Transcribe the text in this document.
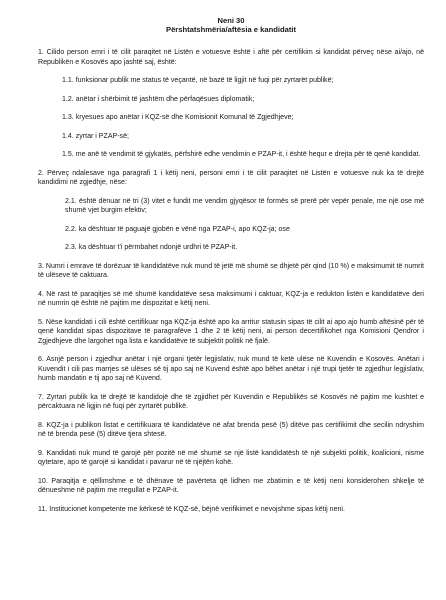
Neni 30

Përshtatshmëria/aftësia e kandidatit

1. Cilido person emri i të cilit paraqitet në Listën e votuesve është i aftë për certifikim si kandidat përveç nëse ai/ajo, në Republikën e Kosovës apo jashtë saj, është:

1.1. funksionar publik me status të veçantë, në bazë të ligjit në fuqi për zyrtarët publikë;

1.2. anëtar i shërbimit të jashtëm dhe përfaqësues diplomatik;

1.3. kryesues apo anëtar i KQZ-së dhe Komisionit Komunal të Zgjedhjeve;

1.4. zyrtar i PZAP-së;

1.5. me anë të vendimit të gjykatës, përfshirë edhe vendimin e PZAP-it, i është hequr e drejta për të qenë kandidat.

2. Përveç ndalesave nga paragrafi 1 i këtij neni, personi emri i të cilit paraqitet në Listën e votuesve nuk ka të drejtë kandidimi në zgjedhje, nëse:

2.1. është dënuar në tri (3) vitet e fundit me vendim gjyqësor të formës së prerë për vepër penale, me një ose më shumë vjet burgim efektiv;

2.2. ka dështuar të paguajë gjobën e vënë nga PZAP-i, apo KQZ-ja; ose

2.3. ka dështuar t'i përmbahet ndonjë urdhri të PZAP-it.

3. Numri i emrave të dorëzuar të kandidatëve nuk mund të jetë më shumë se dhjetë për qind (10 %) e maksimumit të numrit të ulëseve të caktuara.

4. Në rast të paraqitjes së më shumë kandidatëve sesa maksimumi i caktuar, KQZ-ja e redukton listën e kandidatëve deri në numrin që është në pajtim me dispozitat e këtij neni.

5. Nëse kandidati i cili është certifikuar nga KQZ-ja është apo ka arritur statusin sipas të cilit ai apo ajo humb aftësinë për të qenë kandidat sipas dispozitave të paragrafëve 1 dhe 2 të këtij neni, ai person decertifikohet nga Komisioni Qendror i Zgjedhjeve dhe largohet nga lista e kandidatëve të subjektit politik në fjalë.

6. Asnjë person i zgjedhur anëtar i një organi tjetër legjislativ, nuk mund të ketë ulëse në Kuvendin e Kosovës. Anëtari i Kuvendit i cili pas marrjes së ulëses së tij apo saj në Kuvend është apo bëhet anëtar i një trupi tjetër të zgjedhur legjislativ, humb mandatin e tij apo saj në Kuvend.

7. Zyrtari publik ka të drejtë të kandidojë dhe të zgjidhet për Kuvendin e Republikës së Kosovës në pajtim me kushtet e përcaktuara në ligjin në fuqi për zyrtarët publikë.

8. KQZ-ja i publikon listat e certifikuara të kandidatëve në afat brenda pesë (5) ditëve pas certifikimit dhe secilin ndryshim në të brenda pesë (5) ditëve tjera shtesë.

9. Kandidati nuk mund të garojë për pozitë në më shumë se një listë kandidatësh të një subjekti politik, koalicioni, nisme qytetare, apo të garojë si kandidat i pavarur në të njëjtën kohë.

10. Paraqitja e qëllimshme e të dhënave të pavërteta që lidhen me zbatimin e të këtij neni konsiderohen shkelje të dënueshme në pajtim me rregullat e PZAP-it.

11. Institucionet kompetente me kërkesë të KQZ-së, bëjnë verifikimet e nevojshme sipas këtij neni.
